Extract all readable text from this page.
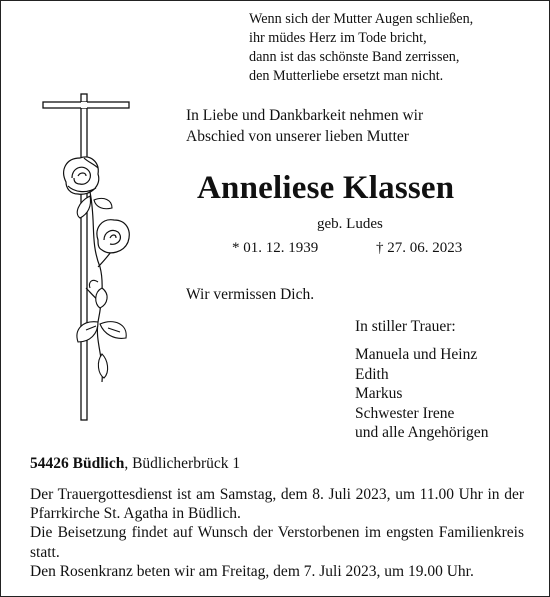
Wenn sich der Mutter Augen schließen,
ihr müdes Herz im Tode bricht,
dann ist das schönste Band zerrissen,
den Mutterliebe ersetzt man nicht.
In Liebe und Dankbarkeit nehmen wir
Abschied von unserer lieben Mutter
Anneliese Klassen
geb. Ludes
* 01. 12. 1939	† 27. 06. 2023
Wir vermissen Dich.
In stiller Trauer:
Manuela und Heinz
Edith
Markus
Schwester Irene
und alle Angehörigen
54426 Büdlich, Büdlicherbrück 1

Der Trauergottesdienst ist am Samstag, dem 8. Juli 2023, um 11.00 Uhr in der Pfarrkirche St. Agatha in Büdlich.

Die Beisetzung findet auf Wunsch der Verstorbenen im engsten Familienkreis statt.

Den Rosenkranz beten wir am Freitag, dem 7. Juli 2023, um 19.00 Uhr.
